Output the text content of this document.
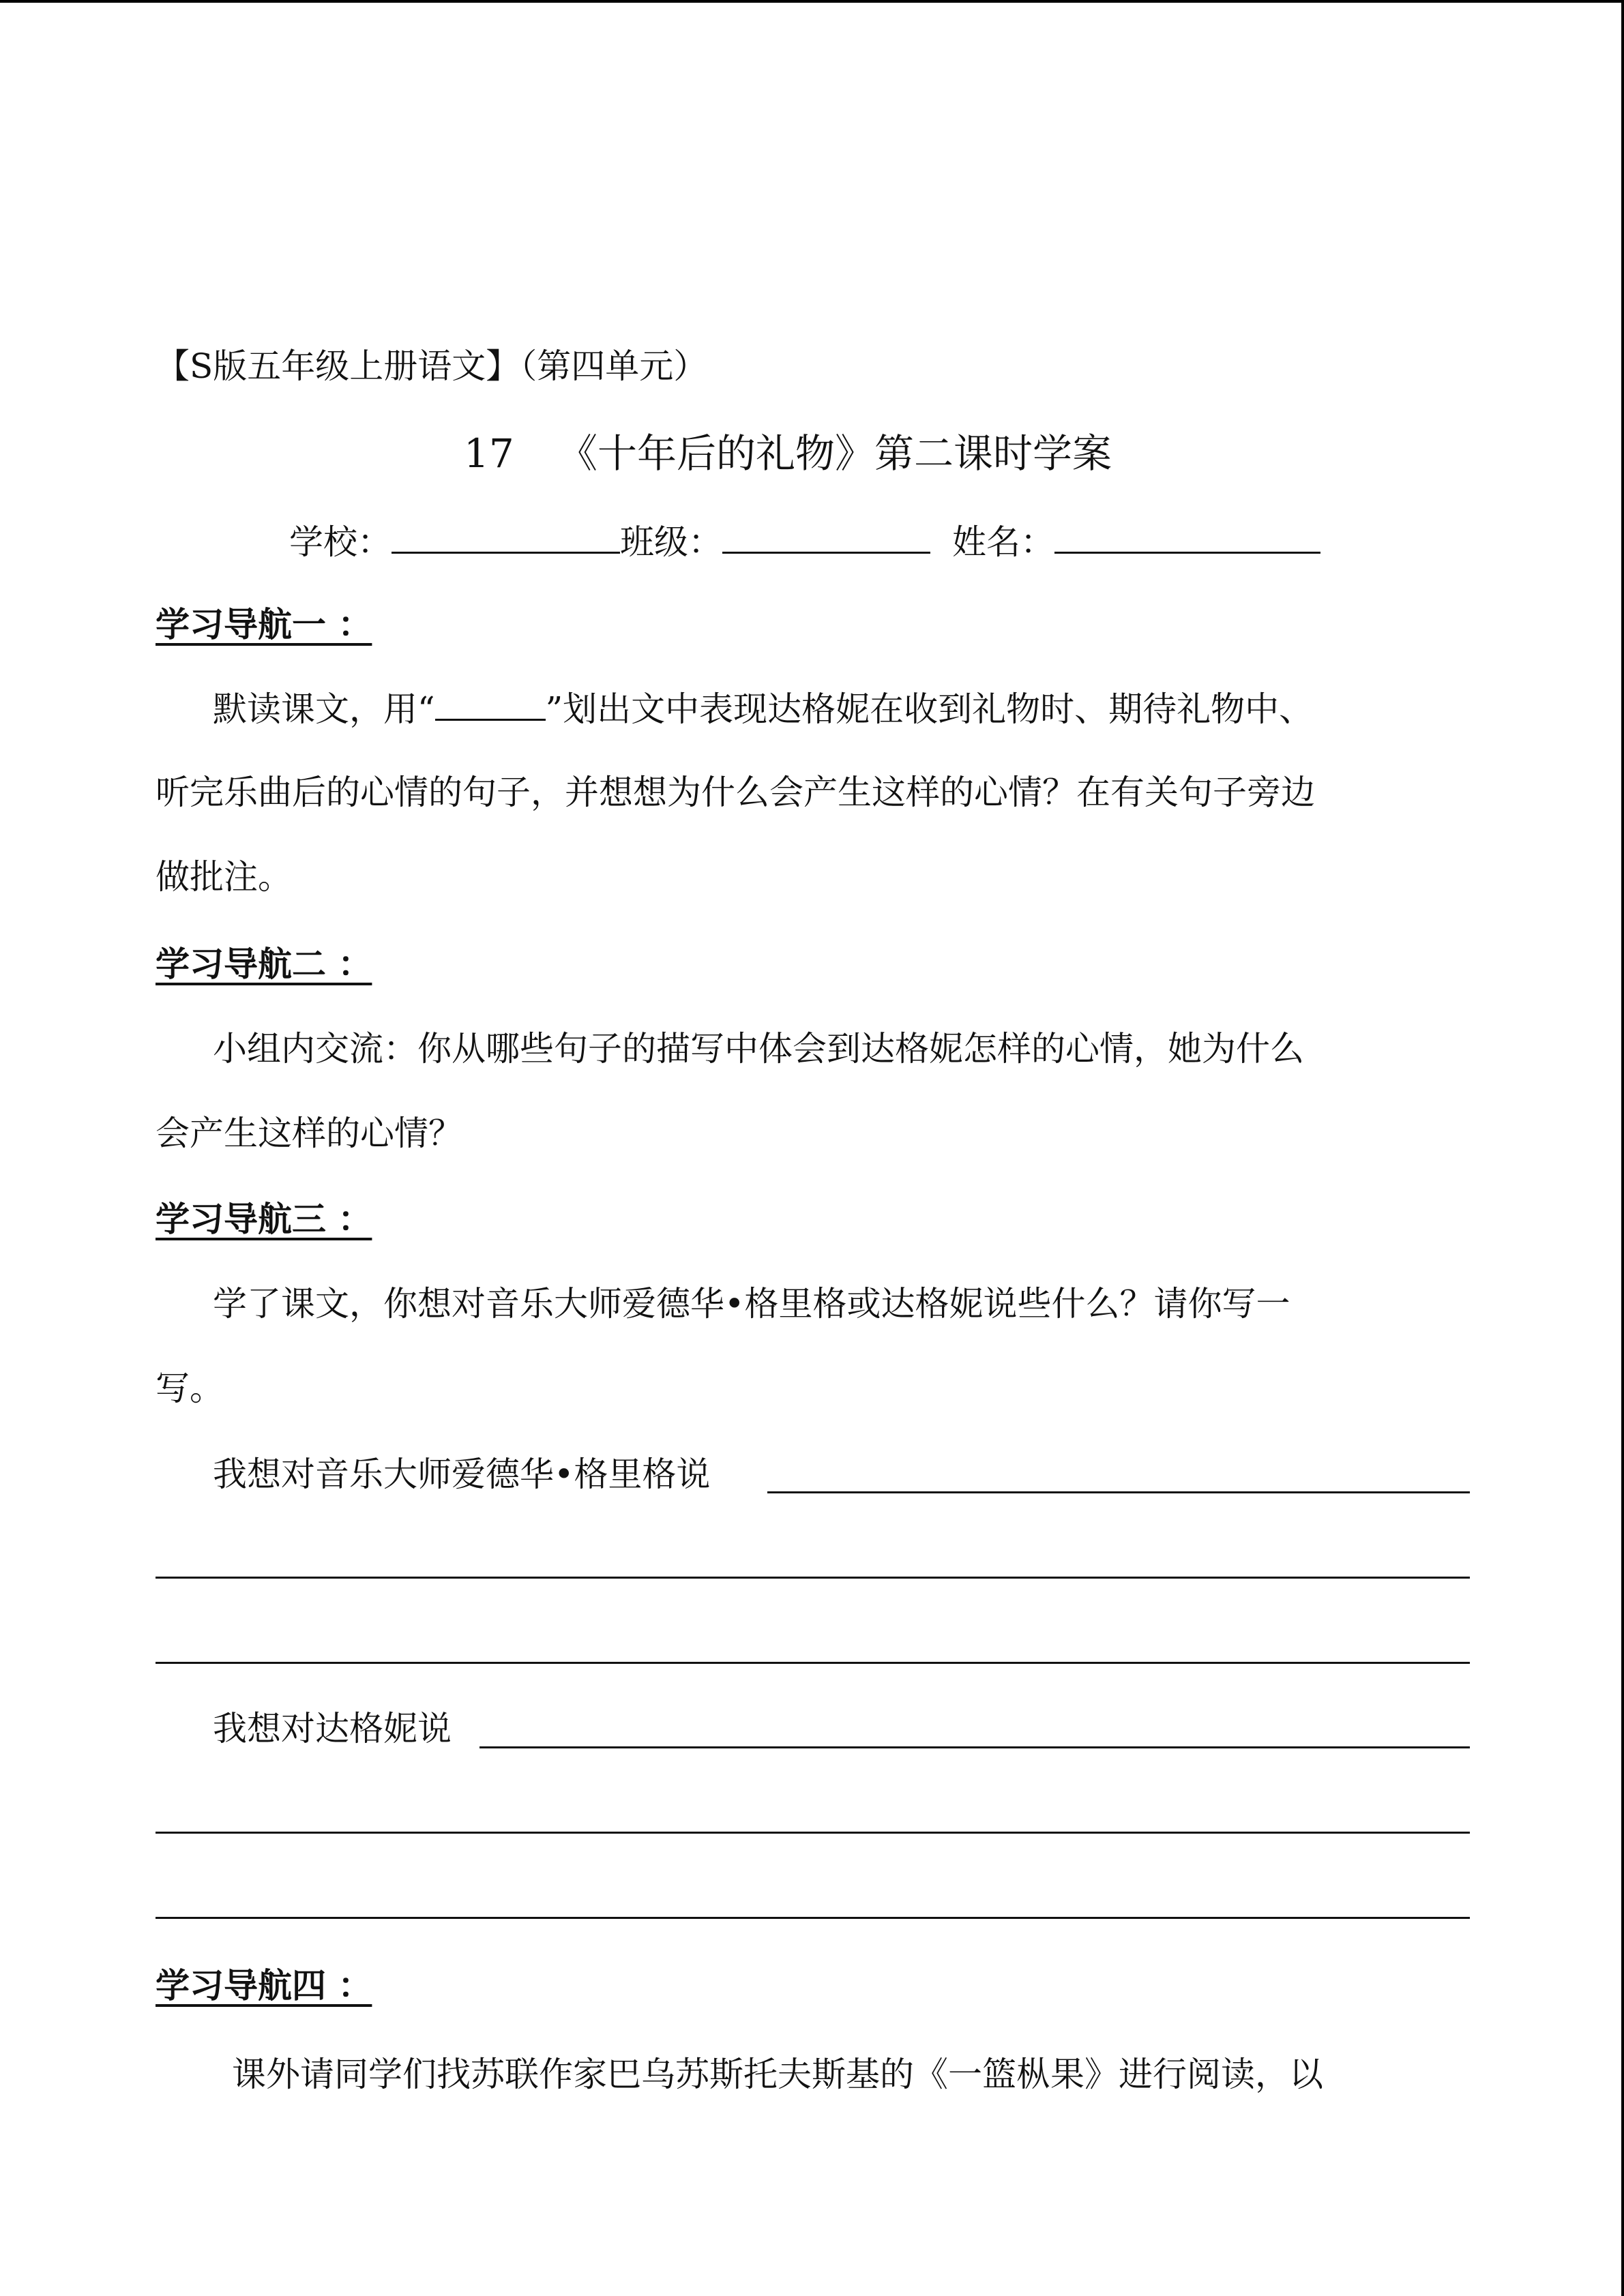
【S版五年级上册语文】（第四单元）
17 《十年后的礼物》第二课时学案
学校：	班级：	姓名：
学习导航一 ：
默读课文，用“	”划出文中表现达格妮在收到礼物时、期待礼物中、
听完乐曲后的心情的句子，并想想为什么会产生这样的心情？在有关句子旁边
做批注。
学习导航二 ：
小组内交流：你从哪些句子的描写中体会到达格妮怎样的心情，她为什么
会产生这样的心情？
学习导航三 ：
学了课文，你想对音乐大师爱德华•格里格或达格妮说些什么？请你写一
写。
我想对音乐大师爱德华•格里格说
我想对达格妮说
学习导航四 ：
课外请同学们找苏联作家巴乌苏斯托夫斯基的《一篮枞果》进行阅读，以
